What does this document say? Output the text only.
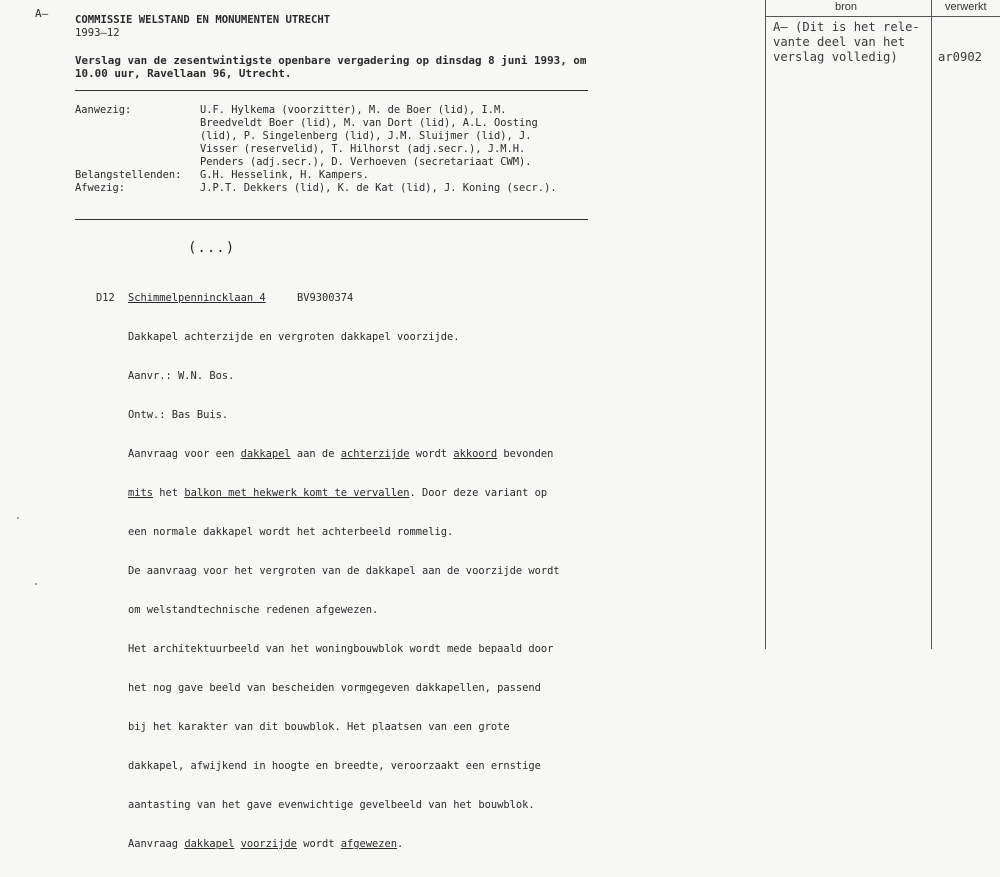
A—	COMMISSIE WELSTAND EN MONUMENTEN UTRECHT
1993–12
Verslag van de zesentwintigste openbare vergadering op dinsdag 8 juni 1993, om
10.00 uur, Ravellaan 96, Utrecht.
Aanwezig:	U.F. Hylkema (voorzitter), M. de Boer (lid), I.M.
Breedveldt Boer (lid), M. van Dort (lid), A.L. Oosting
(lid), P. Singelenberg (lid), J.M. Sluijmer (lid), J.
Visser (reservelid), T. Hilhorst (adj.secr.), J.M.H.
Penders (adj.secr.), D. Verhoeven (secretariaat CWM).
Belangstellenden: G.H. Hesselink, H. Kampers.
Afwezig:	J.P.T. Dekkers (lid), K. de Kat (lid), J. Koning (secr.).
(...)
D12 Schimmelpennincklaan 4	BV9300374

Dakkapel achterzijde en vergroten dakkapel voorzijde.

Aanvr.: W.N. Bos.

Ontw.: Bas Buis.

Aanvraag voor een dakkapel aan de achterzijde wordt akkoord bevonden

mits het balkon met hekwerk komt te vervallen. Door deze variant op

een normale dakkapel wordt het achterbeeld rommelig.

De aanvraag voor het vergroten van de dakkapel aan de voorzijde wordt

om welstandtechnische redenen afgewezen.

Het architektuurbeeld van het woningbouwblok wordt mede bepaald door

het nog gave beeld van bescheiden vormgegeven dakkapellen, passend

bij het karakter van dit bouwblok. Het plaatsen van een grote

dakkapel, afwijkend in hoogte en breedte, veroorzaakt een ernstige

aantasting van het gave evenwichtige gevelbeeld van het bouwblok.

Aanvraag dakkapel voorzijde wordt afgewezen.

bron	verwerkt
A— (Dit is het rele-
vante deel van het
verslag volledig)	ar0902
